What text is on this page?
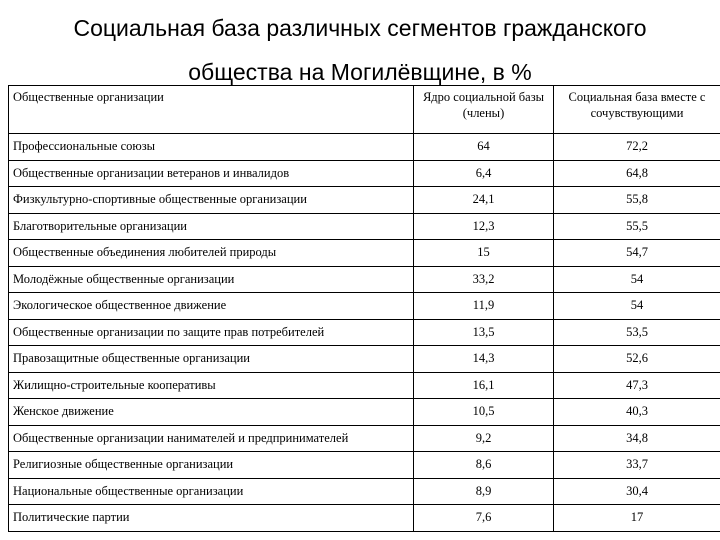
Социальная база различных сегментов гражданского
общества на Могилёвщине, в %
Общественные организации	Ядро социальной базы (члены)	Социальная база вместе с сочувствующими
Профессиональные союзы	64	72,2
Общественные организации ветеранов и инвалидов	6,4	64,8
Физкультурно-спортивные общественные организации	24,1	55,8
Благотворительные организации	12,3	55,5
Общественные объединения любителей природы	15	54,7
Молодёжные общественные организации	33,2	54
Экологическое общественное движение	11,9	54
Общественные организации по защите прав потребителей	13,5	53,5
Правозащитные общественные организации	14,3	52,6
Жилищно-строительные кооперативы	16,1	47,3
Женское движение	10,5	40,3
Общественные организации нанимателей и предпринимателей	9,2	34,8
Религиозные общественные организации	8,6	33,7
Национальные общественные организации	8,9	30,4
Политические партии	7,6	17
